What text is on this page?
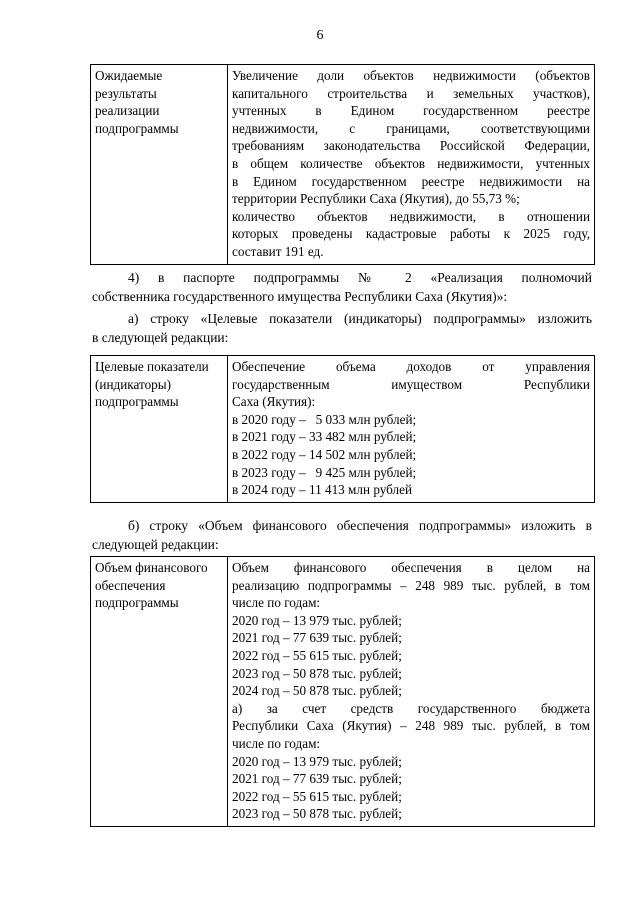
6
Ожидаемые
результаты
реализации
подпрограммы

Увеличение доли объектов недвижимости (объектов
капитального строительства и земельных участков),
учтенных в Едином государственном реестре
недвижимости, с границами, соответствующими
требованиям законодательства Российской Федерации,
в общем количестве объектов недвижимости, учтенных
в Едином государственном реестре недвижимости на
территории Республики Саха (Якутия), до 55,73 %;
количество объектов недвижимости, в отношении
которых проведены кадастровые работы к 2025 году,
составит 191 ед.
4) в паспорте подпрограммы № 2 «Реализация полномочий
собственника государственного имущества Республики Саха (Якутия)»:
а) строку «Целевые показатели (индикаторы) подпрограммы» изложить
в следующей редакции:
Целевые показатели
(индикаторы)
подпрограммы

Обеспечение объема доходов от управления
государственным имуществом Республики
Саха (Якутия):
в 2020 году –   5 033 млн рублей;
в 2021 году – 33 482 млн рублей;
в 2022 году – 14 502 млн рублей;
в 2023 году –   9 425 млн рублей;
в 2024 году – 11 413 млн рублей
б) строку «Объем финансового обеспечения подпрограммы» изложить в
следующей редакции:
Объем финансового
обеспечения
подпрограммы

Объем финансового обеспечения в целом на
реализацию подпрограммы – 248 989 тыс. рублей, в том
числе по годам:
2020 год – 13 979 тыс. рублей;
2021 год – 77 639 тыс. рублей;
2022 год – 55 615 тыс. рублей;
2023 год – 50 878 тыс. рублей;
2024 год – 50 878 тыс. рублей;
а) за счет средств государственного бюджета
Республики Саха (Якутия) – 248 989 тыс. рублей, в том
числе по годам:
2020 год – 13 979 тыс. рублей;
2021 год – 77 639 тыс. рублей;
2022 год – 55 615 тыс. рублей;
2023 год – 50 878 тыс. рублей;
